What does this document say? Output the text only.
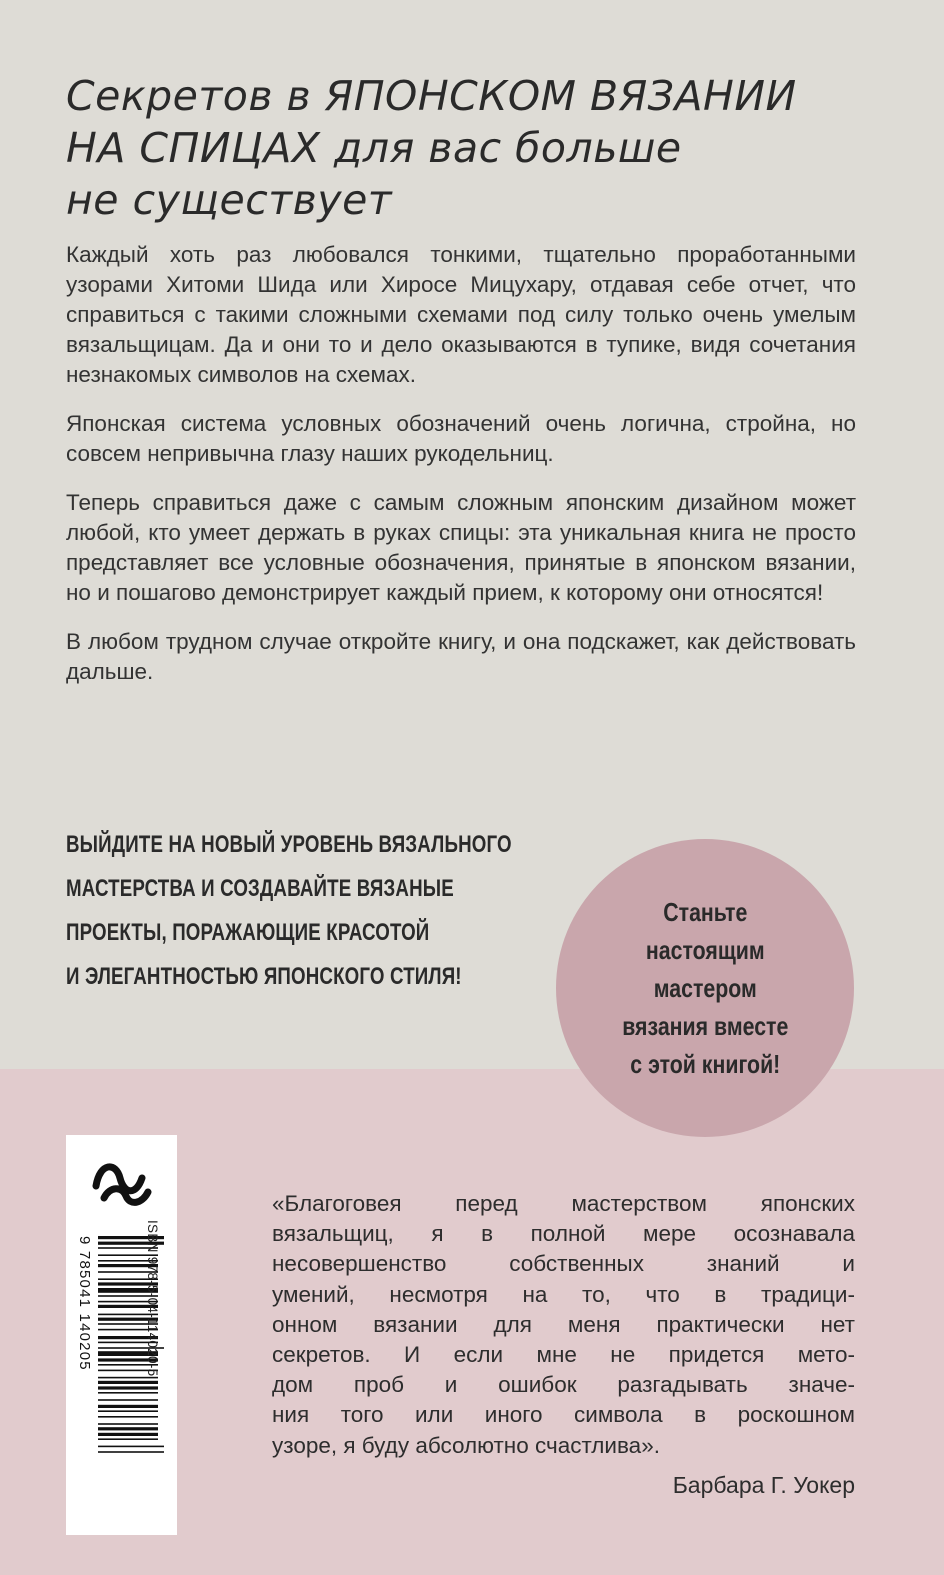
Секретов в ЯПОНСКОМ ВЯЗАНИИ
НА СПИЦАХ для вас больше
не существует

Каждый хоть раз любовался тонкими, тщательно проработанными узорами Хитоми Шида или Хиросе Мицухару, отдавая себе отчет, что справиться с такими сложными схемами под силу только очень умелым вязальщицам. Да и они то и дело оказываются в тупике, видя сочетания незнакомых символов на схемах.

Японская система условных обозначений очень логична, стройна, но совсем непривычна глазу наших рукодельниц.

Теперь справиться даже с самым сложным японским дизайном может любой, кто умеет держать в руках спицы: эта уникальная книга не просто представляет все условные обозначения, принятые в японском вязании, но и пошагово демонстрирует каждый прием, к которому они относятся!

В любом трудном случае откройте книгу, и она подскажет, как действовать дальше.

ВЫЙДИТЕ НА НОВЫЙ УРОВЕНЬ ВЯЗАЛЬНОГО
МАСТЕРСТВА И СОЗДАВАЙТЕ ВЯЗАНЫЕ
ПРОЕКТЫ, ПОРАЖАЮЩИЕ КРАСОТОЙ
И ЭЛЕГАНТНОСТЬЮ ЯПОНСКОГО СТИЛЯ!
Станьте
настоящим
мастером
вязания вместе
с этой книгой!
9 785041 140205	ISBN 978-5-04-114020-5
«Благоговея перед мастерством японских
вязальщиц, я в полной мере осознавала
несовершенство собственных знаний и
умений, несмотря на то, что в традици-
онном вязании для меня практически нет
секретов. И если мне не придется мето-
дом проб и ошибок разгадывать значе-
ния того или иного символа в роскошном
узоре, я буду абсолютно счастлива».
Барбара Г. Уокер
